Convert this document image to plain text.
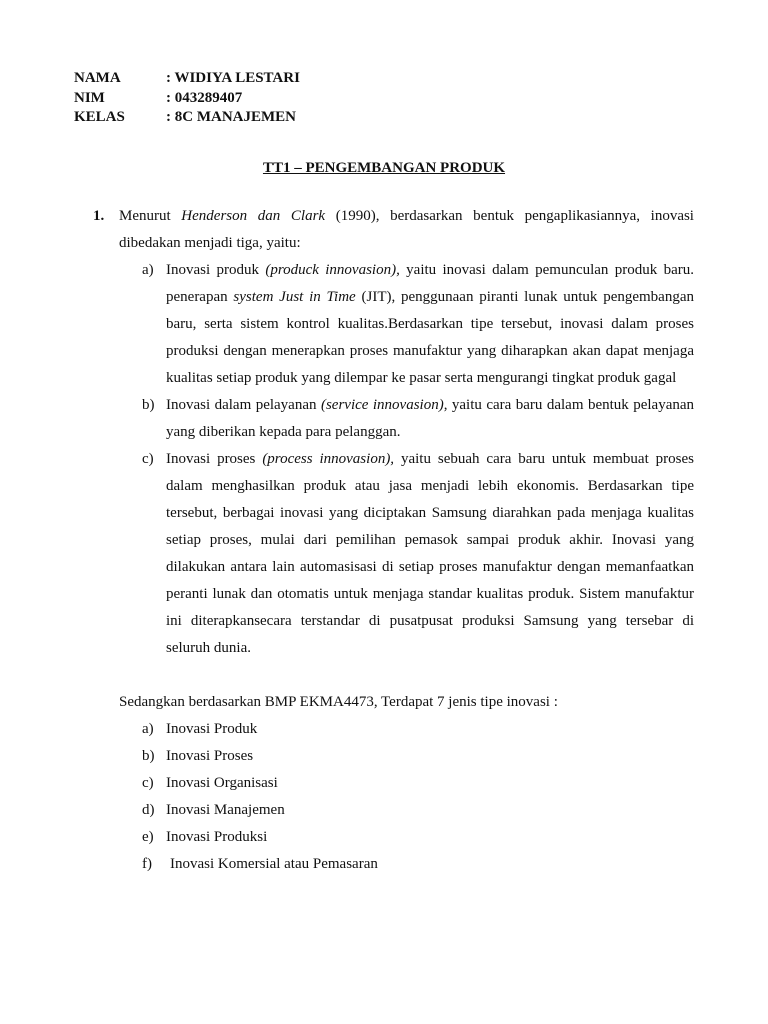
NAMA	: WIDIYA LESTARI
NIM	: 043289407
KELAS	: 8C MANAJEMEN
TT1 – PENGEMBANGAN PRODUK
1. Menurut Henderson dan Clark (1990), berdasarkan bentuk pengaplikasiannya, inovasi dibedakan menjadi tiga, yaitu:
a) Inovasi produk (produck innovasion), yaitu inovasi dalam pemunculan produk baru. penerapan system Just in Time (JIT), penggunaan piranti lunak untuk pengembangan baru, serta sistem kontrol kualitas.Berdasarkan tipe tersebut, inovasi dalam proses produksi dengan menerapkan proses manufaktur yang diharapkan akan dapat menjaga kualitas setiap produk yang dilempar ke pasar serta mengurangi tingkat produk gagal
b) Inovasi dalam pelayanan (service innovasion), yaitu cara baru dalam bentuk pelayanan yang diberikan kepada para pelanggan.
c) Inovasi proses (process innovasion), yaitu sebuah cara baru untuk membuat proses dalam menghasilkan produk atau jasa menjadi lebih ekonomis. Berdasarkan tipe tersebut, berbagai inovasi yang diciptakan Samsung diarahkan pada menjaga kualitas setiap proses, mulai dari pemilihan pemasok sampai produk akhir. Inovasi yang dilakukan antara lain automasisasi di setiap proses manufaktur dengan memanfaatkan peranti lunak dan otomatis untuk menjaga standar kualitas produk. Sistem manufaktur ini diterapkansecara terstandar di pusatpusat produksi Samsung yang tersebar di seluruh dunia.
Sedangkan berdasarkan BMP EKMA4473, Terdapat 7 jenis tipe inovasi :
a) Inovasi Produk
b) Inovasi Proses
c) Inovasi Organisasi
d) Inovasi Manajemen
e) Inovasi Produksi
f) Inovasi Komersial atau Pemasaran
